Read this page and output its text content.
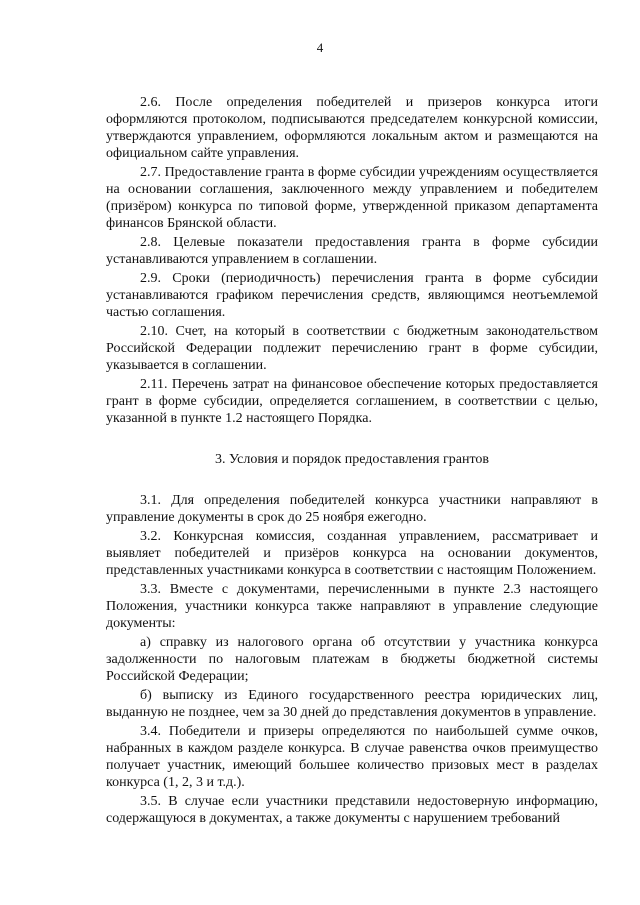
4

2.6. После определения победителей и призеров конкурса итоги оформляются протоколом, подписываются председателем конкурсной комиссии, утверждаются управлением, оформляются локальным актом и размещаются на официальном сайте управления.

2.7. Предоставление гранта в форме субсидии учреждениям осуществляется на основании соглашения, заключенного между управлением и победителем (призёром) конкурса по типовой форме, утвержденной приказом департамента финансов Брянской области.

2.8. Целевые показатели предоставления гранта в форме субсидии устанавливаются управлением в соглашении.

2.9. Сроки (периодичность) перечисления гранта в форме субсидии устанавливаются графиком перечисления средств, являющимся неотъемлемой частью соглашения.

2.10. Счет, на который в соответствии с бюджетным законодательством Российской Федерации подлежит перечислению грант в форме субсидии, указывается в соглашении.

2.11. Перечень затрат на финансовое обеспечение которых предоставляется грант в форме субсидии, определяется соглашением, в соответствии с целью, указанной в пункте 1.2 настоящего Порядка.

3. Условия и порядок предоставления грантов

3.1. Для определения победителей конкурса участники направляют в управление документы в срок до 25 ноября ежегодно.

3.2. Конкурсная комиссия, созданная управлением, рассматривает и выявляет победителей и призёров конкурса на основании документов, представленных участниками конкурса в соответствии с настоящим Положением.

3.3. Вместе с документами, перечисленными в пункте 2.3 настоящего Положения, участники конкурса также направляют в управление следующие документы:

а) справку из налогового органа об отсутствии у участника конкурса задолженности по налоговым платежам в бюджеты бюджетной системы Российской Федерации;

б) выписку из Единого государственного реестра юридических лиц, выданную не позднее, чем за 30 дней до представления документов в управление.

3.4. Победители и призеры определяются по наибольшей сумме очков, набранных в каждом разделе конкурса. В случае равенства очков преимущество получает участник, имеющий большее количество призовых мест в разделах конкурса (1, 2, 3 и т.д.).

3.5. В случае если участники представили недостоверную информацию, содержащуюся в документах, а также документы с нарушением требований
